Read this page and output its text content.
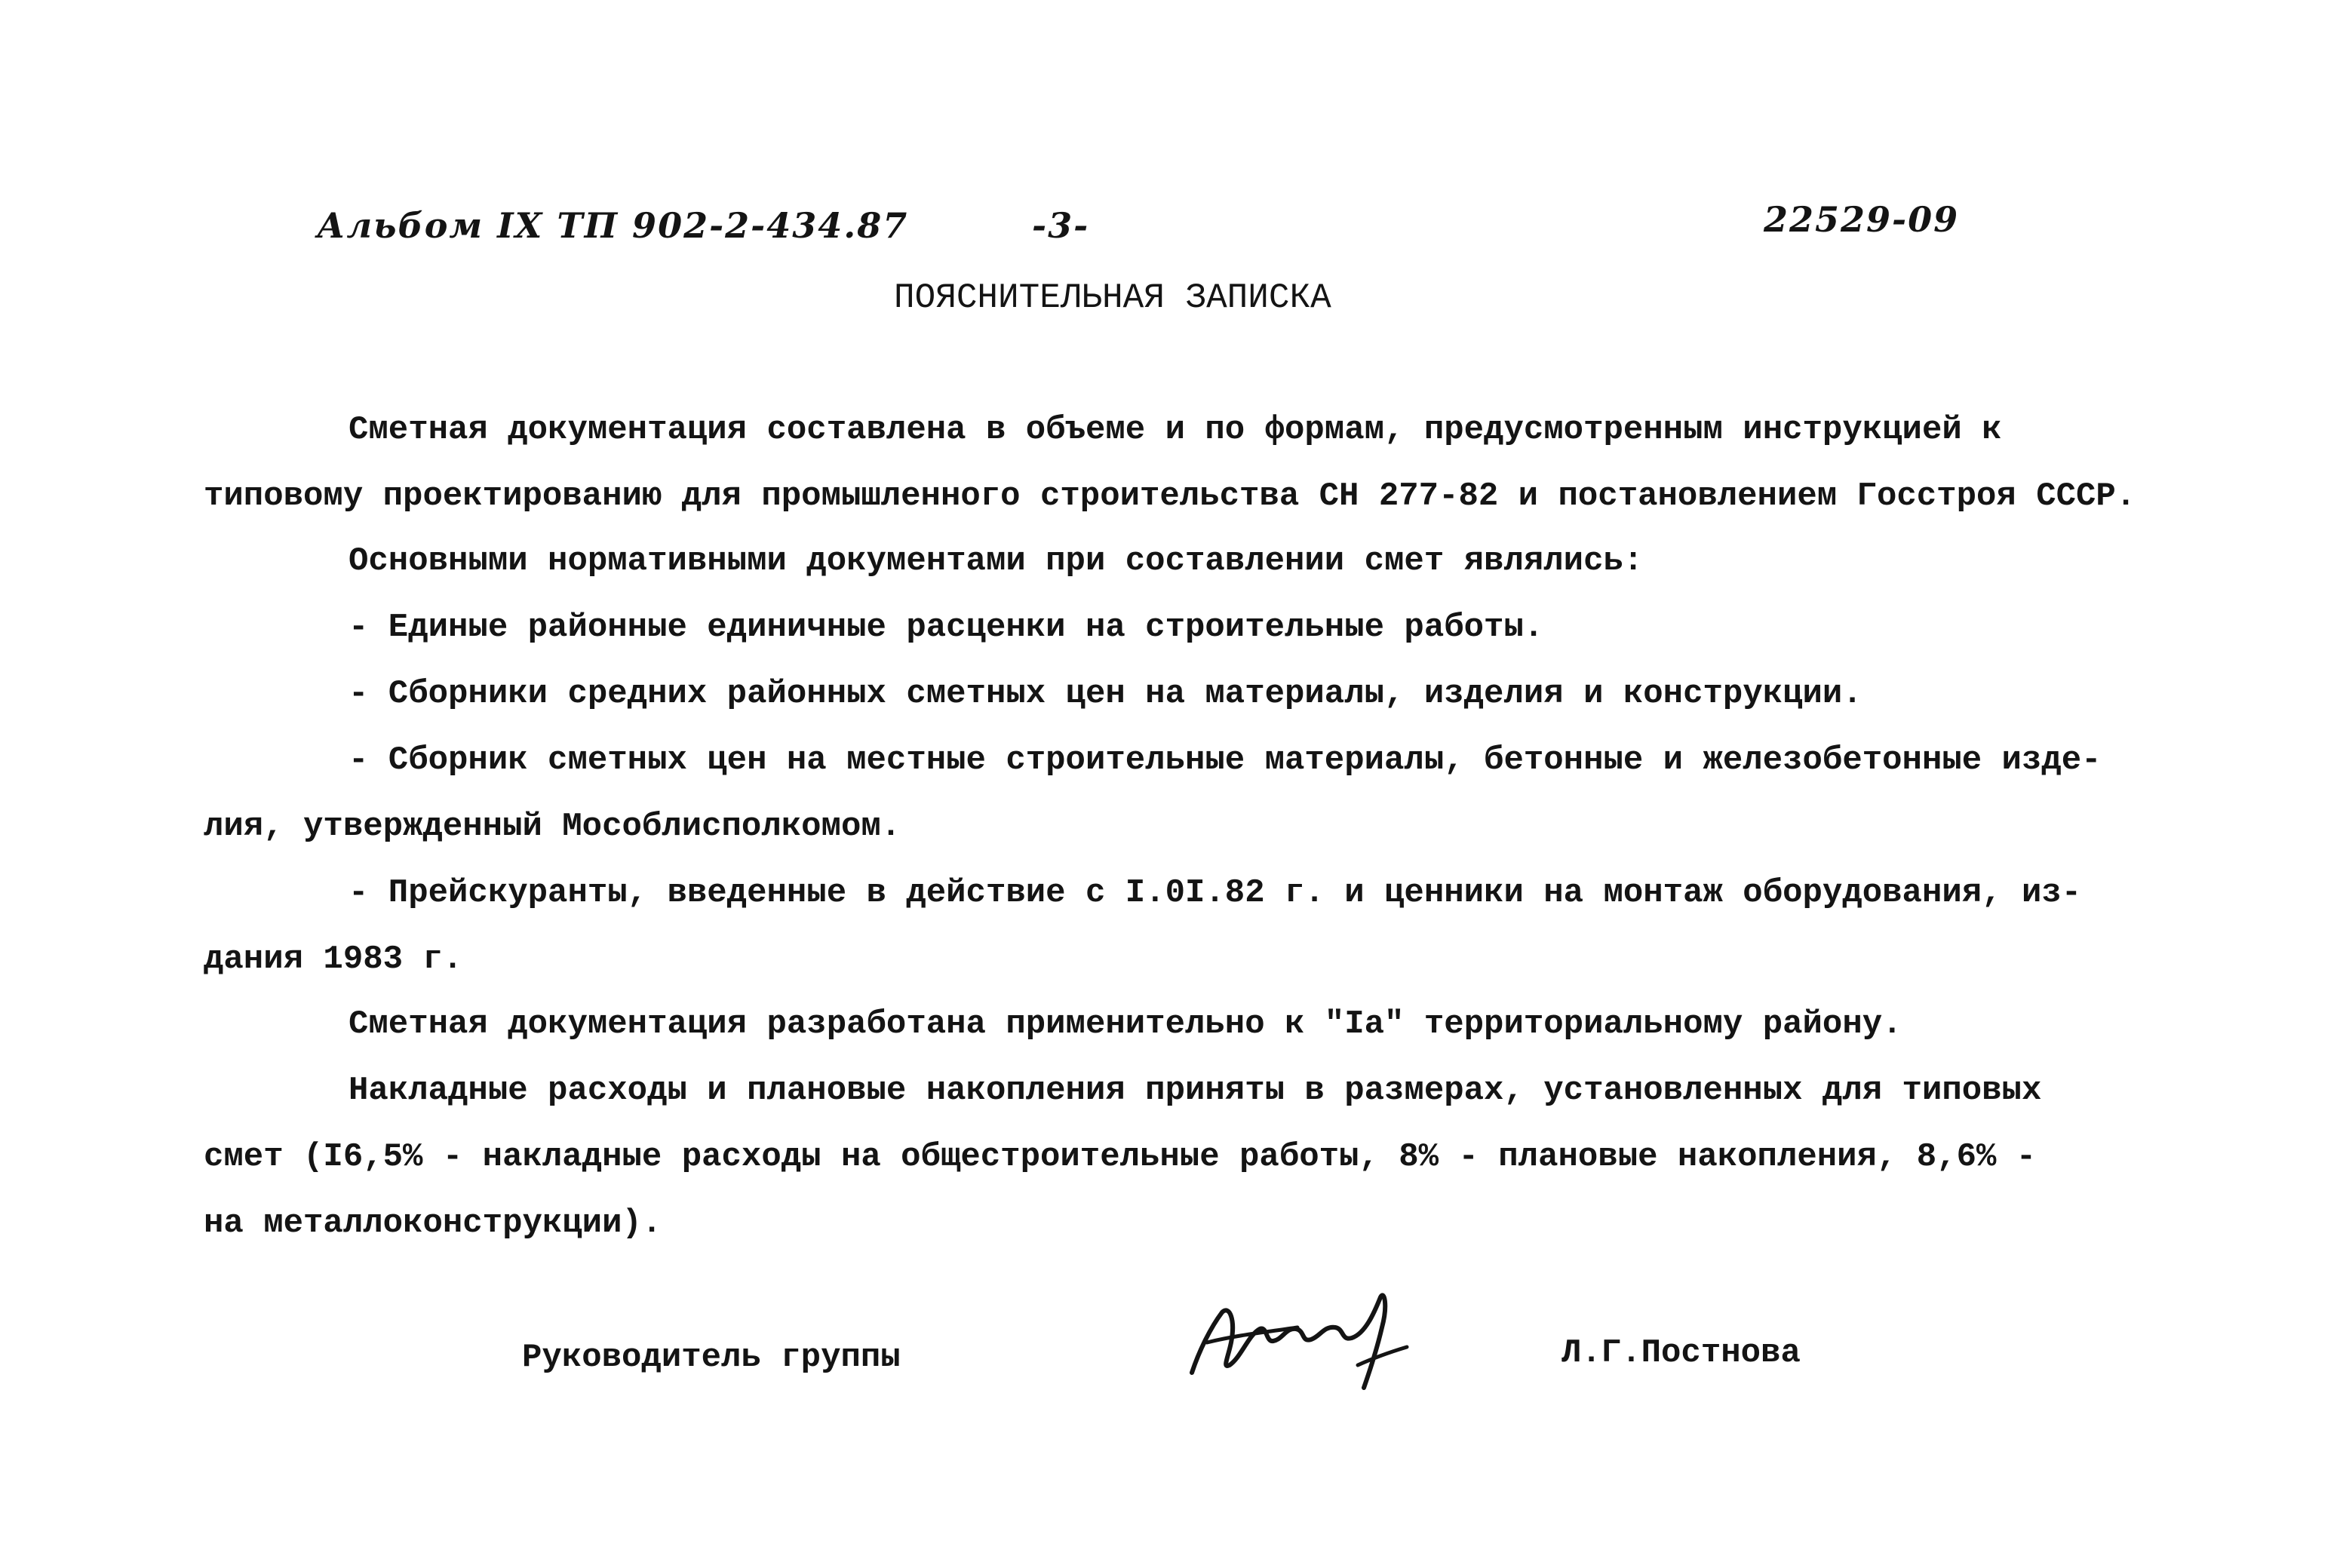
Альбом IX ТП 902-2-434.87	-3-	22529-09
ПОЯСНИТЕЛЬНАЯ ЗАПИСКА
Сметная документация составлена в объеме и по формам, предусмотренным инструкцией к
типовому проектированию для промышленного строительства СН 277-82 и постановлением Госстроя СССР.
Основными нормативными документами при составлении смет являлись:
- Единые районные единичные расценки на строительные работы.
- Сборники средних районных сметных цен на материалы, изделия и конструкции.
- Сборник сметных цен на местные строительные материалы, бетонные и железобетонные изде-
лия, утвержденный Мособлисполкомом.
- Прейскуранты, введенные в действие с I.0I.82 г. и ценники на монтаж оборудования, из-
дания 1983 г.
Сметная документация разработана применительно к "Iа" территориальному району.
Накладные расходы и плановые накопления приняты в размерах, установленных для типовых
смет (I6,5% - накладные расходы на общестроительные работы, 8% - плановые накопления, 8,6% -
на металлоконструкции).
Руководитель группы	Л.Г.Постнова
